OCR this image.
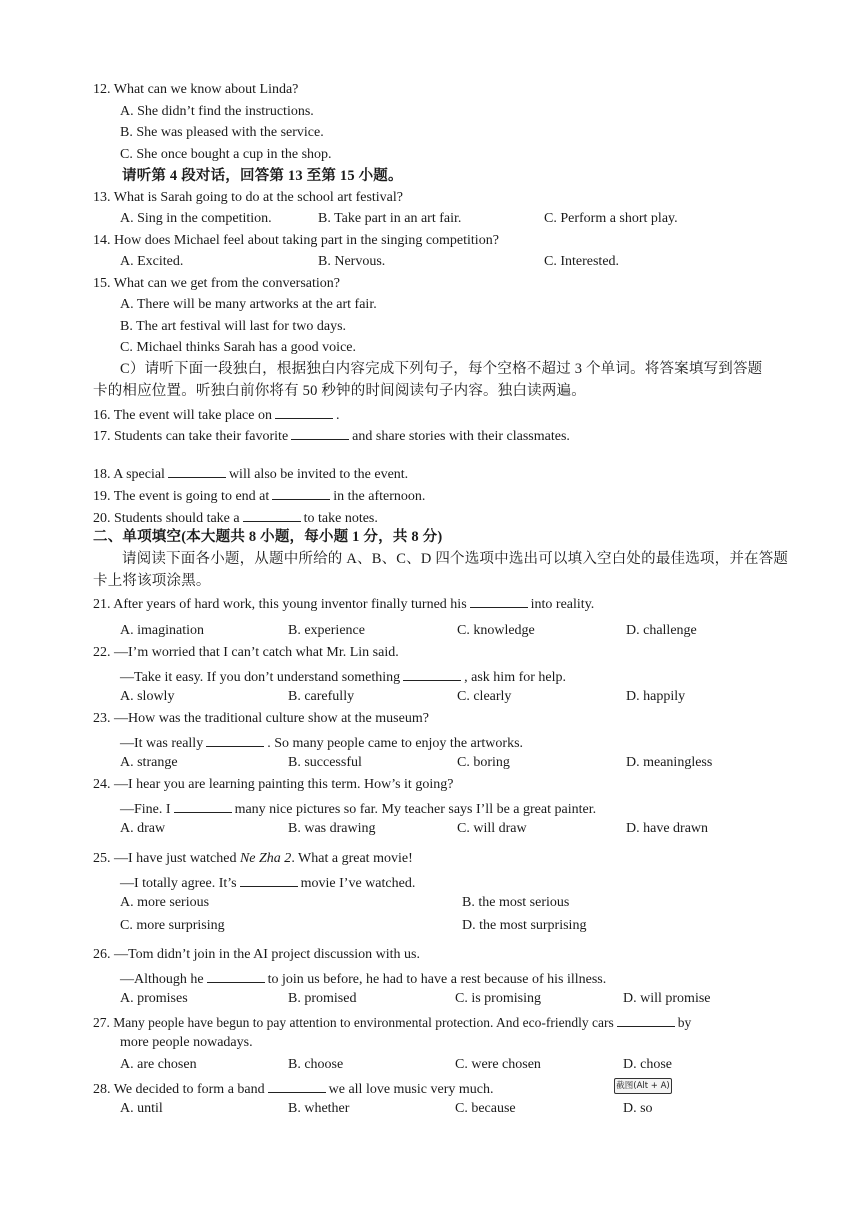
12. What can we know about Linda?
A. She didn’t find the instructions.
B. She was pleased with the service.
C. She once bought a cup in the shop.
请听第 4 段对话，回答第 13 至第 15 小题。
13. What is Sarah going to do at the school art festival?
A. Sing in the competition.	B. Take part in an art fair.	C. Perform a short play.
14. How does Michael feel about taking part in the singing competition?
A. Excited.	B. Nervous.	C. Interested.
15. What can we get from the conversation?
A. There will be many artworks at the art fair.
B. The art festival will last for two days.
C. Michael thinks Sarah has a good voice.
C）请听下面一段独白，根据独白内容完成下列句子，每个空格不超过 3 个单词。将答案填写到答题
卡的相应位置。听独白前你将有 50 秒钟的时间阅读句子内容。独白读两遍。
16. The event will take place on	.
17. Students can take their favorite	and share stories with their classmates.
18. A special	will also be invited to the event.
19. The event is going to end at	in the afternoon.
20. Students should take a	to take notes.
二、单项填空(本大题共 8 小题，每小题 1 分，共 8 分)
请阅读下面各小题，从题中所给的 A、B、C、D 四个选项中选出可以填入空白处的最佳选项，并在答题
卡上将该项涂黑。
21. After years of hard work, this young inventor finally turned his	into reality.
A. imagination	B. experience	C. knowledge	D. challenge
22. —I’m worried that I can’t catch what Mr. Lin said.
—Take it easy. If you don’t understand something	, ask him for help.
A. slowly	B. carefully	C. clearly	D. happily
23. —How was the traditional culture show at the museum?
—It was really	. So many people came to enjoy the artworks.
A. strange	B. successful	C. boring	D. meaningless
24. —I hear you are learning painting this term. How’s it going?
—Fine. I	many nice pictures so far. My teacher says I’ll be a great painter.
A. draw	B. was drawing	C. will draw	D. have drawn
25. —I have just watched Ne Zha 2. What a great movie!
—I totally agree. It’s	movie I’ve watched.
A. more serious	B. the most serious
C. more surprising	D. the most surprising
26. —Tom didn’t join in the AI project discussion with us.
—Although he	to join us before, he had to have a rest because of his illness.
A. promises	B. promised	C. is promising	D. will promise
27. Many people have begun to pay attention to environmental protection. And eco-friendly cars	by
more people nowadays.
A. are chosen	B. choose	C. were chosen	D. chose
28. We decided to form a band	we all love music very much.	截图(Alt + A)
A. until	B. whether	C. because	D. so
